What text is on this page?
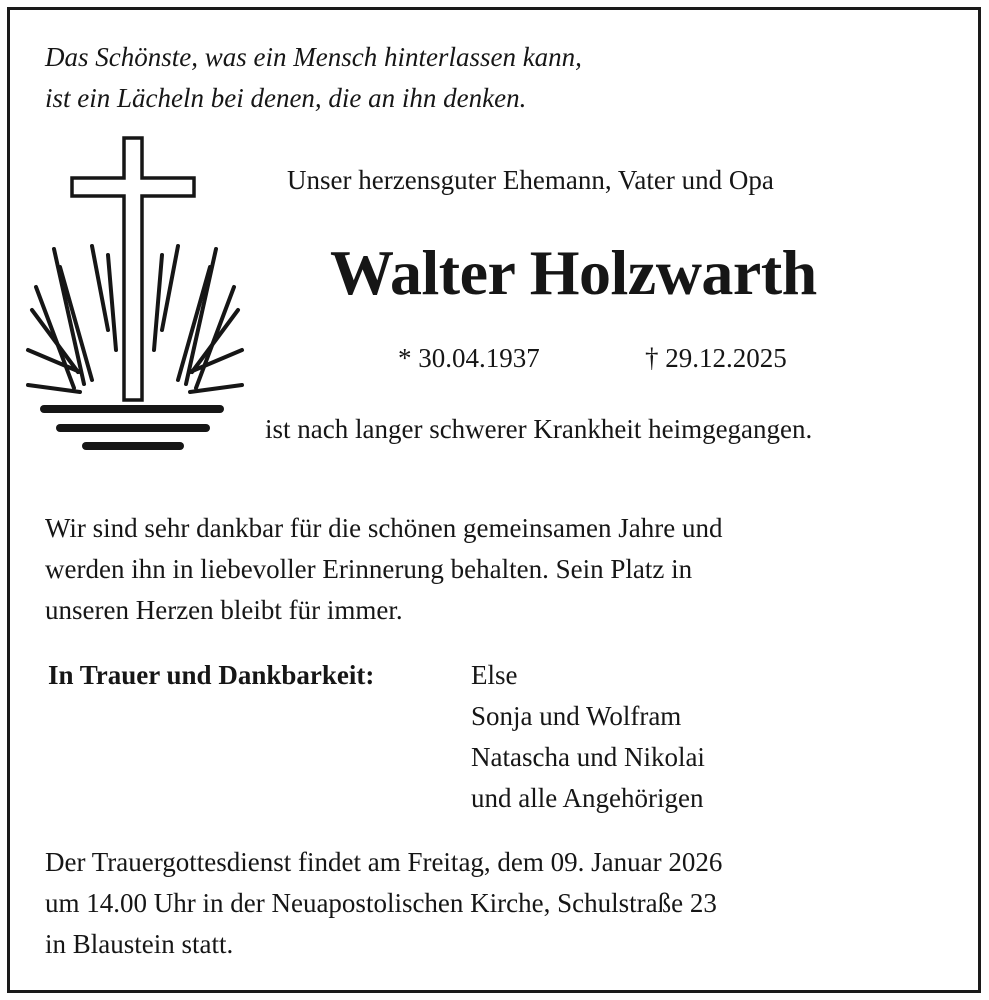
Das Schönste, was ein Mensch hinterlassen kann,
ist ein Lächeln bei denen, die an ihn denken.
Unser herzensguter Ehemann, Vater und Opa
Walter Holzwarth
* 30.04.1937	† 29.12.2025
ist nach langer schwerer Krankheit heimgegangen.
Wir sind sehr dankbar für die schönen gemeinsamen Jahre und
werden ihn in liebevoller Erinnerung behalten. Sein Platz in
unseren Herzen bleibt für immer.
In Trauer und Dankbarkeit:	Else
Sonja und Wolfram
Natascha und Nikolai
und alle Angehörigen
Der Trauergottesdienst findet am Freitag, dem 09. Januar 2026
um 14.00 Uhr in der Neuapostolischen Kirche, Schulstraße 23
in Blaustein statt.
